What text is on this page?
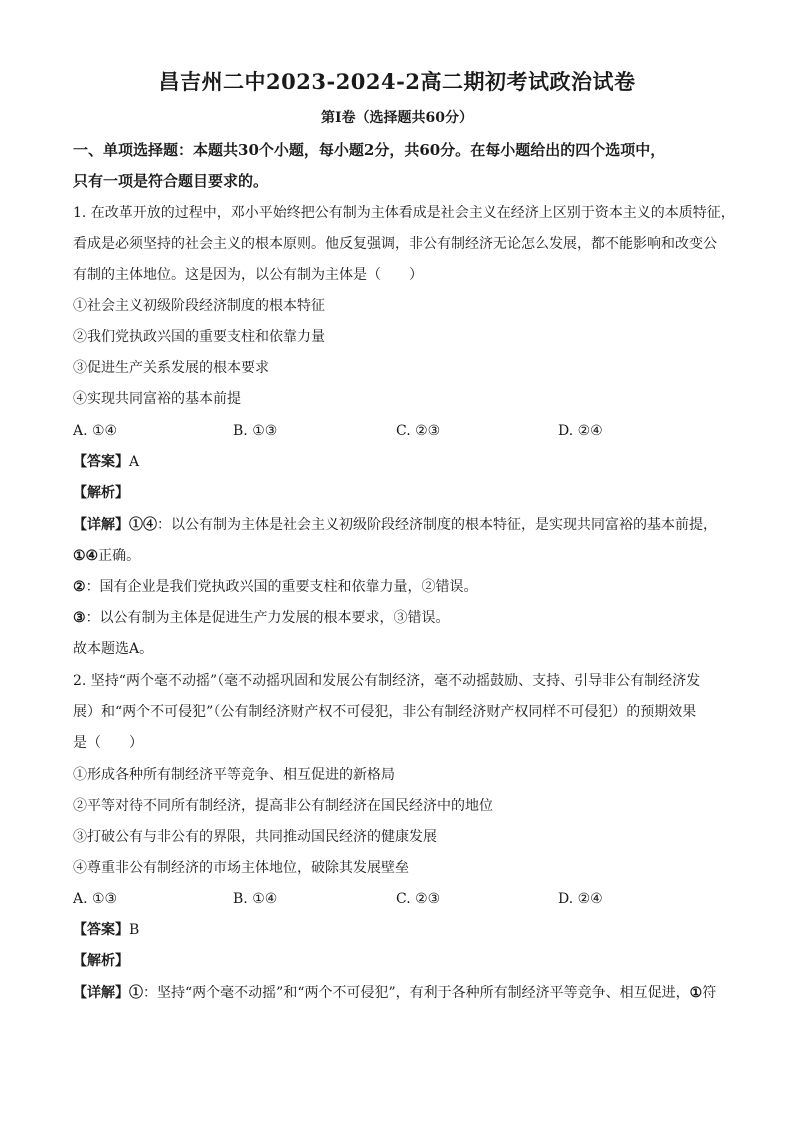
昌吉州二中2023-2024-2高二期初考试政治试卷
第Ⅰ卷（选择题共60分）
一、单项选择题：本题共30个小题，每小题2分，共60分。在每小题给出的四个选项中，
只有一项是符合题目要求的。
1. 在改革开放的过程中，邓小平始终把公有制为主体看成是社会主义在经济上区别于资本主义的本质特征，
看成是必须坚持的社会主义的根本原则。他反复强调，非公有制经济无论怎么发展，都不能影响和改变公
有制的主体地位。这是因为，以公有制为主体是（　　）
①社会主义初级阶段经济制度的根本特征
②我们党执政兴国的重要支柱和依靠力量
③促进生产关系发展的根本要求
④实现共同富裕的基本前提
A. ①④	B. ①③	C. ②③	D. ②④
【答案】A
【解析】
【详解】①④：以公有制为主体是社会主义初级阶段经济制度的根本特征，是实现共同富裕的基本前提，
①④正确。
②：国有企业是我们党执政兴国的重要支柱和依靠力量，②错误。
③：以公有制为主体是促进生产力发展的根本要求，③错误。
故本题选A。
2. 坚持“两个毫不动摇”（毫不动摇巩固和发展公有制经济，毫不动摇鼓励、支持、引导非公有制经济发
展）和“两个不可侵犯”（公有制经济财产权不可侵犯，非公有制经济财产权同样不可侵犯）的预期效果
是（　　）
①形成各种所有制经济平等竞争、相互促进的新格局
②平等对待不同所有制经济，提高非公有制经济在国民经济中的地位
③打破公有与非公有的界限，共同推动国民经济的健康发展
④尊重非公有制经济的市场主体地位，破除其发展壁垒
A. ①③	B. ①④	C. ②③	D. ②④
【答案】B
【解析】
【详解】①：坚持“两个毫不动摇”和“两个不可侵犯”，有利于各种所有制经济平等竞争、相互促进，①符
